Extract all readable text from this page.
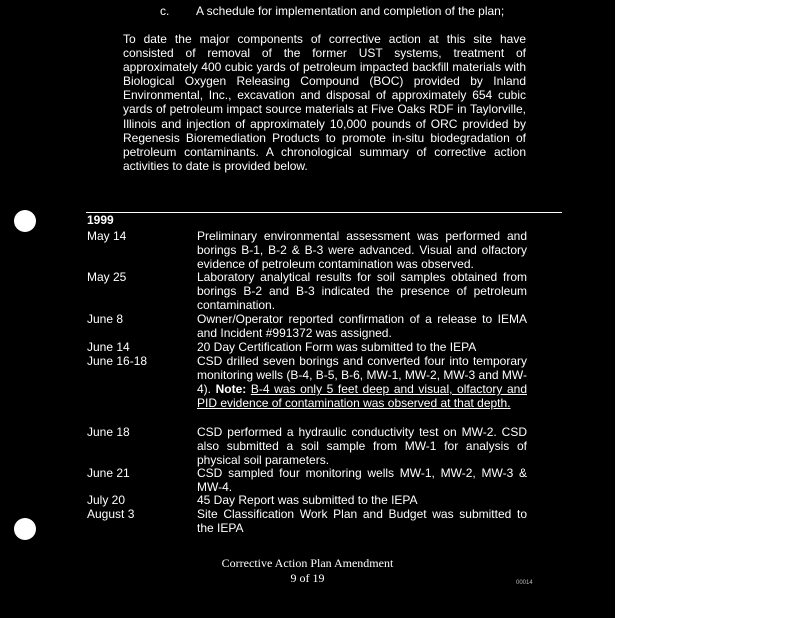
c. A schedule for implementation and completion of the plan;
To date the major components of corrective action at this site have consisted of removal of the former UST systems, treatment of approximately 400 cubic yards of petroleum impacted backfill materials with Biological Oxygen Releasing Compound (BOC) provided by Inland Environmental, Inc., excavation and disposal of approximately 654 cubic yards of petroleum impact source materials at Five Oaks RDF in Taylorville, Illinois and injection of approximately 10,000 pounds of ORC provided by Regenesis Bioremediation Products to promote in-situ biodegradation of petroleum contaminants. A chronological summary of corrective action activities to date is provided below.
1999
May 14	Preliminary environmental assessment was performed and borings B-1, B-2 & B-3 were advanced. Visual and olfactory evidence of petroleum contamination was observed.
May 25	Laboratory analytical results for soil samples obtained from borings B-2 and B-3 indicated the presence of petroleum contamination.
June 8	Owner/Operator reported confirmation of a release to IEMA and Incident #991372 was assigned.
June 14	20 Day Certification Form was submitted to the IEPA
June 16-18	CSD drilled seven borings and converted four into temporary monitoring wells (B-4, B-5, B-6, MW-1, MW-2, MW-3 and MW-4). Note: B-4 was only 5 feet deep and visual, olfactory and PID evidence of contamination was observed at that depth.
June 18	CSD performed a hydraulic conductivity test on MW-2. CSD also submitted a soil sample from MW-1 for analysis of physical soil parameters.
June 21	CSD sampled four monitoring wells MW-1, MW-2, MW-3 & MW-4.
July 20	45 Day Report was submitted to the IEPA
August 3	Site Classification Work Plan and Budget was submitted to the IEPA
Corrective Action Plan Amendment
9 of 19	00014
